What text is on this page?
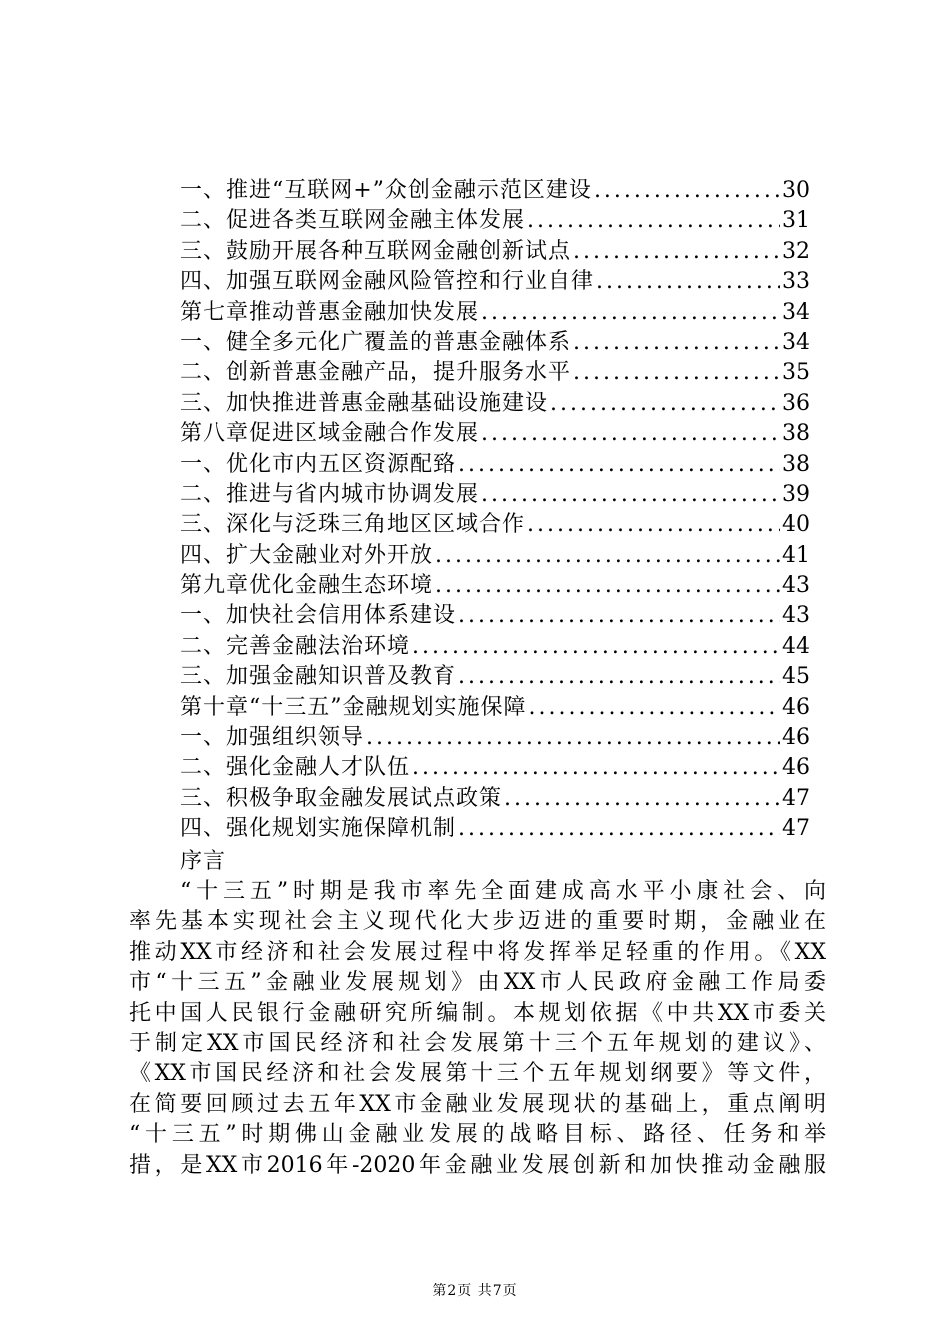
一、推进“互联网+”众创金融示范区建设 .....	30
二、促进各类互联网金融主体发展 .....	31
三、鼓励开展各种互联网金融创新试点 .....	32
四、加强互联网金融风险管控和行业自律 .....	33
第七章推动普惠金融加快发展 .....	34
一、健全多元化广覆盖的普惠金融体系 .....	34
二、创新普惠金融产品，提升服务水平 .....	35
三、加快推进普惠金融基础设施建设 .....	36
第八章促进区域金融合作发展 .....	38
一、优化市内五区资源配臵 .....	38
二、推进与省内城市协调发展 .....	39
三、深化与泛珠三角地区区域合作 .....	40
四、扩大金融业对外开放 .....	41
第九章优化金融生态环境 .....	43
一、加快社会信用体系建设 .....	43
二、完善金融法治环境 .....	44
三、加强金融知识普及教育 .....	45
第十章“十三五”金融规划实施保障 .....	46
一、加强组织领导 .....	46
二、强化金融人才队伍 .....	46
三、积极争取金融发展试点政策 .....	47
四、强化规划实施保障机制 .....	47
序言
“十三五”时期是我市率先全面建成高水平小康社会、向
率先基本实现社会主义现代化大步迈进的重要时期，金融业在
推动XX市经济和社会发展过程中将发挥举足轻重的作用。《XX
市“十三五”金融业发展规划》由XX市人民政府金融工作局委
托中国人民银行金融研究所编制。本规划依据《中共XX市委关
于制定XX市国民经济和社会发展第十三个五年规划的建议》、
《XX市国民经济和社会发展第十三个五年规划纲要》等文件，
在简要回顾过去五年XX市金融业发展现状的基础上，重点阐明
“十三五”时期佛山金融业发展的战略目标、路径、任务和举
措，是XX市2016年-2020年金融业发展创新和加快推动金融服
第2页 共7页
